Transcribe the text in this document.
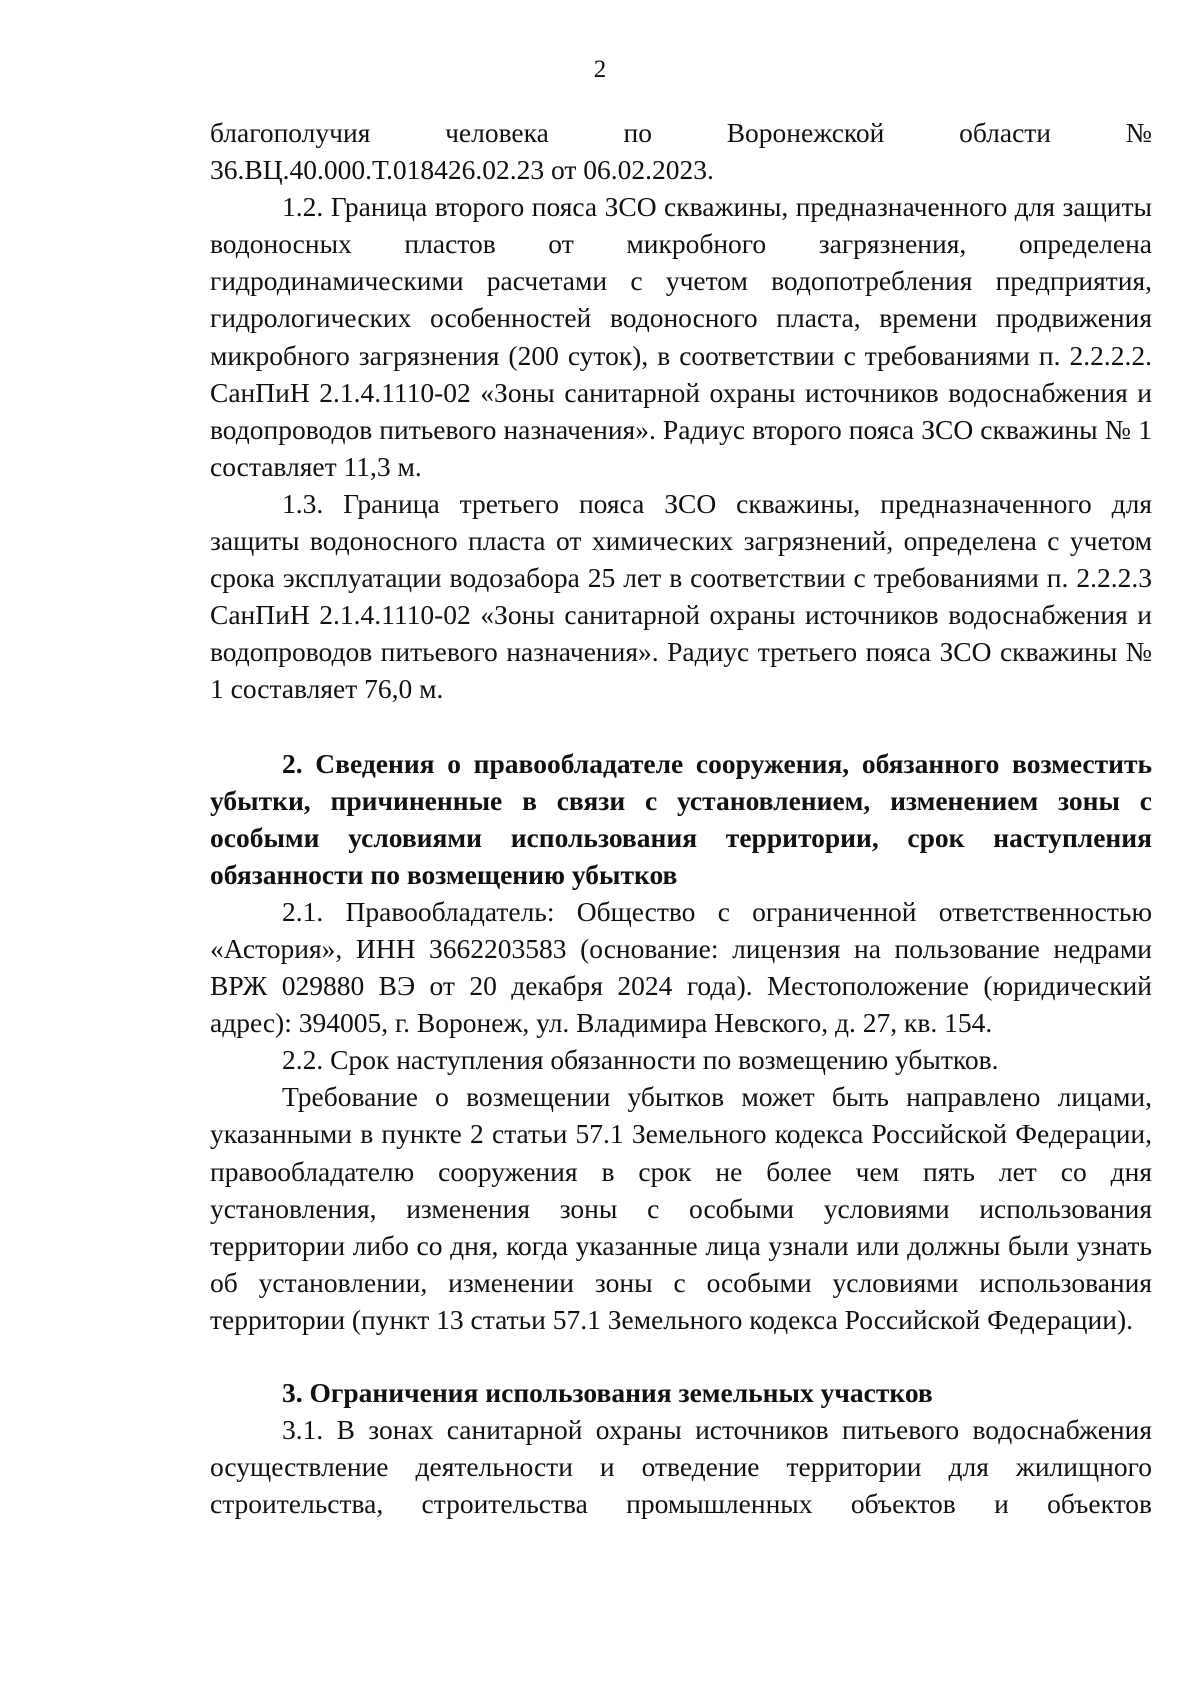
2

благополучия человека по Воронежской области № 36.ВЦ.40.000.Т.018426.02.23 от 06.02.2023.

1.2. Граница второго пояса ЗСО скважины, предназначенного для защиты водоносных пластов от микробного загрязнения, определена гидродинамическими расчетами с учетом водопотребления предприятия, гидрологических особенностей водоносного пласта, времени продвижения микробного загрязнения (200 суток), в соответствии с требованиями п. 2.2.2.2. СанПиН 2.1.4.1110-02 «Зоны санитарной охраны источников водоснабжения и водопроводов питьевого назначения». Радиус второго пояса ЗСО скважины № 1 составляет 11,3 м.

1.3. Граница третьего пояса ЗСО скважины, предназначенного для защиты водоносного пласта от химических загрязнений, определена с учетом срока эксплуатации водозабора 25 лет в соответствии с требованиями п. 2.2.2.3 СанПиН 2.1.4.1110-02 «Зоны санитарной охраны источников водоснабжения и водопроводов питьевого назначения». Радиус третьего пояса ЗСО скважины № 1 составляет 76,0 м.

2. Сведения о правообладателе сооружения, обязанного возместить убытки, причиненные в связи с установлением, изменением зоны с особыми условиями использования территории, срок наступления обязанности по возмещению убытков

2.1. Правообладатель: Общество с ограниченной ответственностью «Астория», ИНН 3662203583 (основание: лицензия на пользование недрами ВРЖ 029880 ВЭ от 20 декабря 2024 года). Местоположение (юридический адрес): 394005, г. Воронеж, ул. Владимира Невского, д. 27, кв. 154.

2.2. Срок наступления обязанности по возмещению убытков.

Требование о возмещении убытков может быть направлено лицами, указанными в пункте 2 статьи 57.1 Земельного кодекса Российской Федерации, правообладателю сооружения в срок не более чем пять лет со дня установления, изменения зоны с особыми условиями использования территории либо со дня, когда указанные лица узнали или должны были узнать об установлении, изменении зоны с особыми условиями использования территории (пункт 13 статьи 57.1 Земельного кодекса Российской Федерации).

3. Ограничения использования земельных участков

3.1. В зонах санитарной охраны источников питьевого водоснабжения осуществление деятельности и отведение территории для жилищного строительства, строительства промышленных объектов и объектов
